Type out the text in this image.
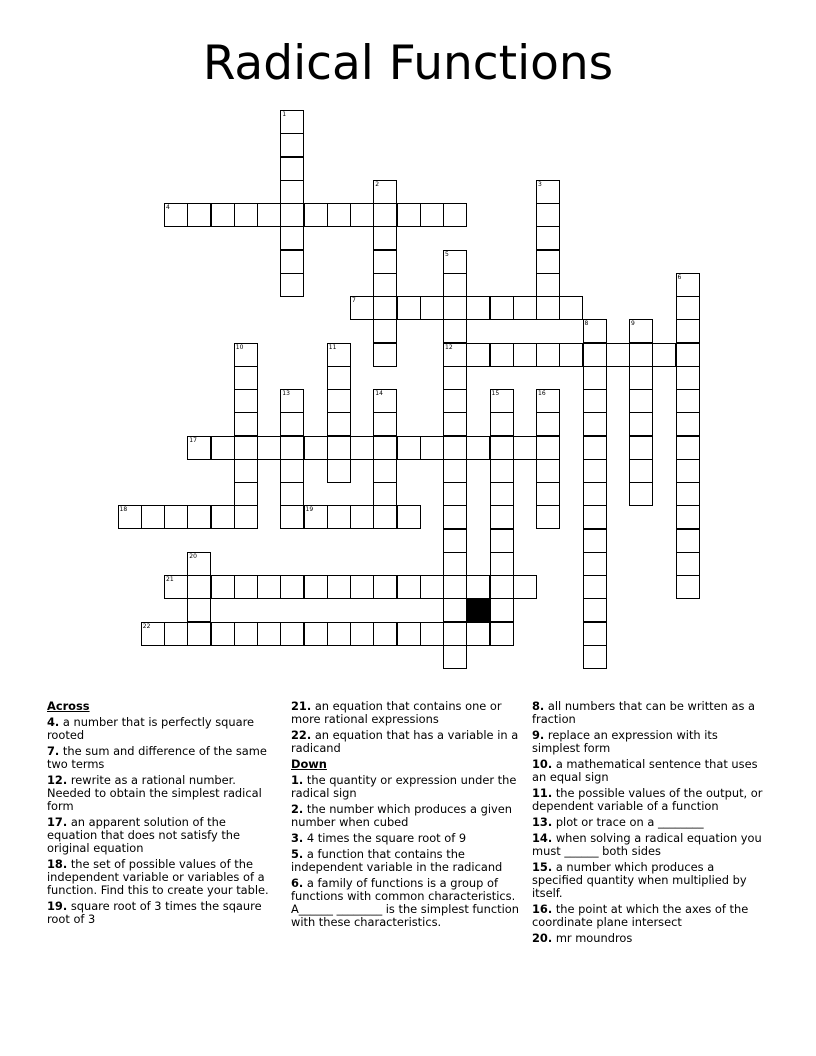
Radical Functions
1
2	3
4
5
12
6
7
8	9
10	11
13	14	15	16
17
18	19
20
21
22
Across
4. a number that is perfectly square rooted
7. the sum and difference of the same two terms
12. rewrite as a rational number. Needed to obtain the simplest radical form
17. an apparent solution of the equation that does not satisfy the original equation
18. the set of possible values of the independent variable or variables of a function. Find this to create your table.
19. square root of 3 times the sqaure root of 3
21. an equation that contains one or more rational expressions
22. an equation that has a variable in a radicand
Down
1. the quantity or expression under the radical sign
2. the number which produces a given number when cubed
3. 4 times the square root of 9
5. a function that contains the independent variable in the radicand
6. a family of functions is a group of functions with common characteristics. A______ ________ is the simplest function with these characteristics.
8. all numbers that can be written as a fraction
9. replace an expression with its simplest form
10. a mathematical sentence that uses an equal sign
11. the possible values of the output, or dependent variable of a function
13. plot or trace on a ________
14. when solving a radical equation you must ______ both sides
15. a number which produces a specified quantity when multiplied by itself.
16. the point at which the axes of the coordinate plane intersect
20. mr moundros
